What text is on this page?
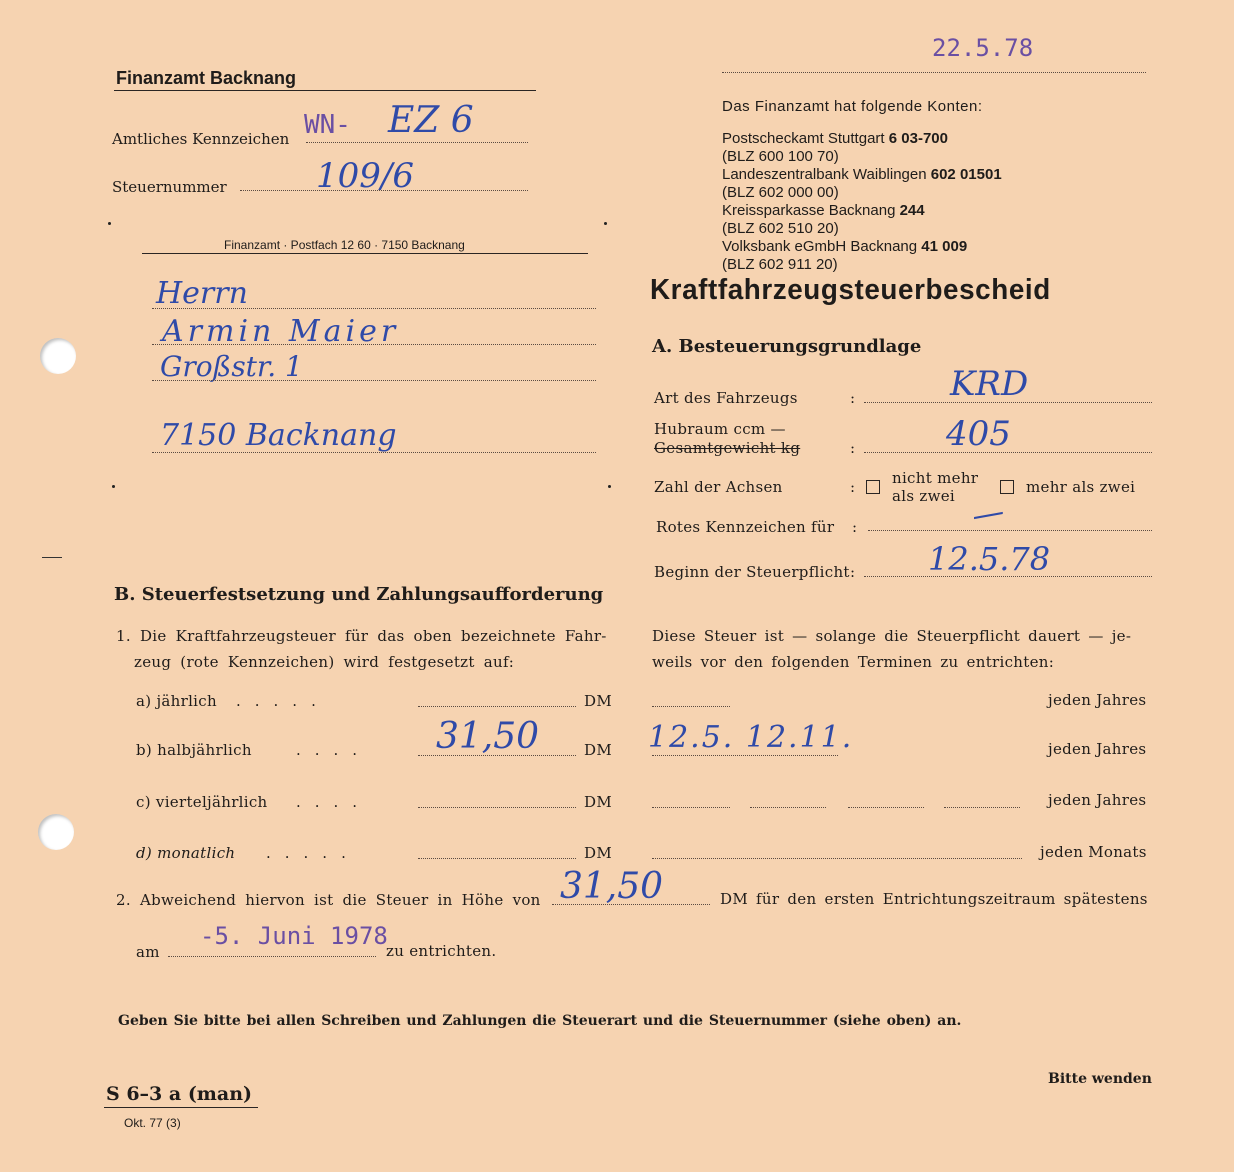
Finanzamt Backnang
Amtliches Kennzeichen WN- EZ 6
Steuernummer	109/6
Finanzamt · Postfach 12 60 · 7150 Backnang
Herrn
Armin Maier
Großstr. 1
7150 Backnang
22.5.78
Das Finanzamt hat folgende Konten:
Postscheckamt Stuttgart 6 03-700
(BLZ 600 100 70)
Landeszentralbank Waiblingen 602 01501
(BLZ 602 000 00)
Kreissparkasse Backnang 244
(BLZ 602 510 20)
Volksbank eGmbH Backnang 41 009
(BLZ 602 911 20)
Kraftfahrzeugsteuerbescheid
A. Besteuerungsgrundlage
Art des Fahrzeugs	:	KRD
Hubraum ccm —
Gesamtgewicht kg	:	405
Zahl der Achsen	: nicht mehr
als zwei	mehr als zwei
Rotes Kennzeichen für :	—
Beginn der Steuerpflicht : 12.5.78
B. Steuerfestsetzung und Zahlungsaufforderung
1. Die Kraftfahrzeugsteuer für das oben bezeichnete Fahr-
zeug (rote Kennzeichen) wird festgesetzt auf:
Diese Steuer ist — solange die Steuerpflicht dauert — je-
weils vor den folgenden Terminen zu entrichten:
a) jährlich .....	DM	jeden Jahres
b) halbjährlich	.... 31,50	DM 12.5. 12.11.	jeden Jahres
c) vierteljährlich ....	DM	jeden Jahres
d) monatlich .....	DM	jeden Monats
2. Abweichend hiervon ist die Steuer in Höhe von 31,50	DM für den ersten Entrichtungszeitraum spätestens
am
-5. Juni 1978
zu entrichten.
Geben Sie bitte bei allen Schreiben und Zahlungen die Steuerart und die Steuernummer (siehe oben) an.
Bitte wenden
S 6–3 a (man)
Okt. 77 (3)
